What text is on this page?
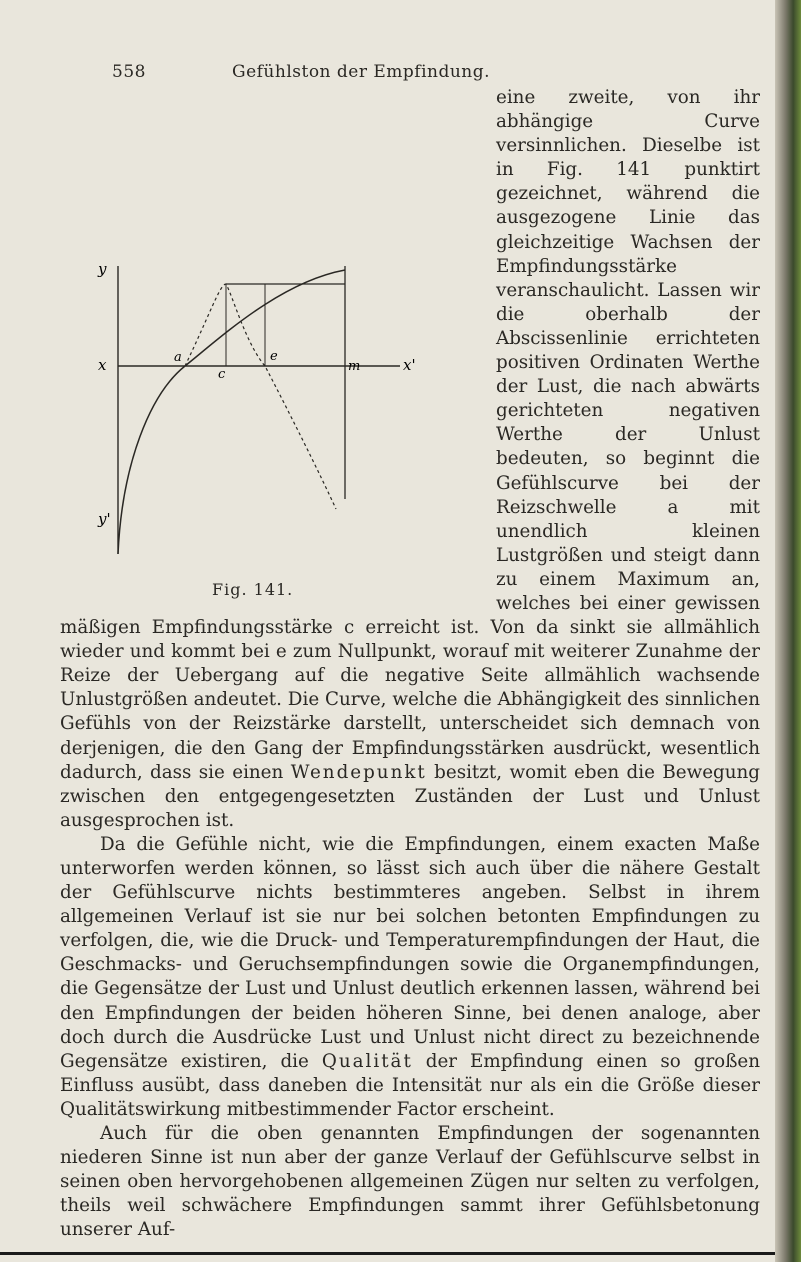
558	Gefühlston der Empfindung.
y
x
y'
x'
a	e
c
m
Fig. 141.

eine zweite, von ihr abhängige Curve versinnlichen. Dieselbe ist in Fig. 141 punktirt gezeichnet, während die ausgezogene Linie das gleichzeitige Wachsen der Empfindungsstärke veranschaulicht. Lassen wir die oberhalb der Abscissenlinie errichteten positiven Ordinaten Werthe der Lust, die nach abwärts gerichteten negativen Werthe der Unlust bedeuten, so beginnt die Gefühlscurve bei der Reizschwelle a mit unendlich kleinen Lustgrößen und steigt dann zu einem Maximum an, welches bei einer gewissen mäßigen Empfindungsstärke c erreicht ist. Von da sinkt sie allmählich wieder und kommt bei e zum Nullpunkt, worauf mit weiterer Zunahme der Reize der Uebergang auf die negative Seite allmählich wachsende Unlustgrößen andeutet. Die Curve, welche die Abhängigkeit des sinnlichen Gefühls von der Reizstärke darstellt, unterscheidet sich demnach von derjenigen, die den Gang der Empfindungsstärken ausdrückt, wesentlich dadurch, dass sie einen Wendepunkt besitzt, womit eben die Bewegung zwischen den entgegengesetzten Zuständen der Lust und Unlust ausgesprochen ist.

Da die Gefühle nicht, wie die Empfindungen, einem exacten Maße unterworfen werden können, so lässt sich auch über die nähere Gestalt der Gefühlscurve nichts bestimmteres angeben. Selbst in ihrem allgemeinen Verlauf ist sie nur bei solchen betonten Empfindungen zu verfolgen, die, wie die Druck- und Temperaturempfindungen der Haut, die Geschmacks- und Geruchsempfindungen sowie die Organempfindungen, die Gegensätze der Lust und Unlust deutlich erkennen lassen, während bei den Empfindungen der beiden höheren Sinne, bei denen analoge, aber doch durch die Ausdrücke Lust und Unlust nicht direct zu bezeichnende Gegensätze existiren, die Qualität der Empfindung einen so großen Einfluss ausübt, dass daneben die Intensität nur als ein die Größe dieser Qualitätswirkung mitbestimmender Factor erscheint.

Auch für die oben genannten Empfindungen der sogenannten niederen Sinne ist nun aber der ganze Verlauf der Gefühlscurve selbst in seinen oben hervorgehobenen allgemeinen Zügen nur selten zu verfolgen, theils weil schwächere Empfindungen sammt ihrer Gefühlsbetonung unserer Auf-
